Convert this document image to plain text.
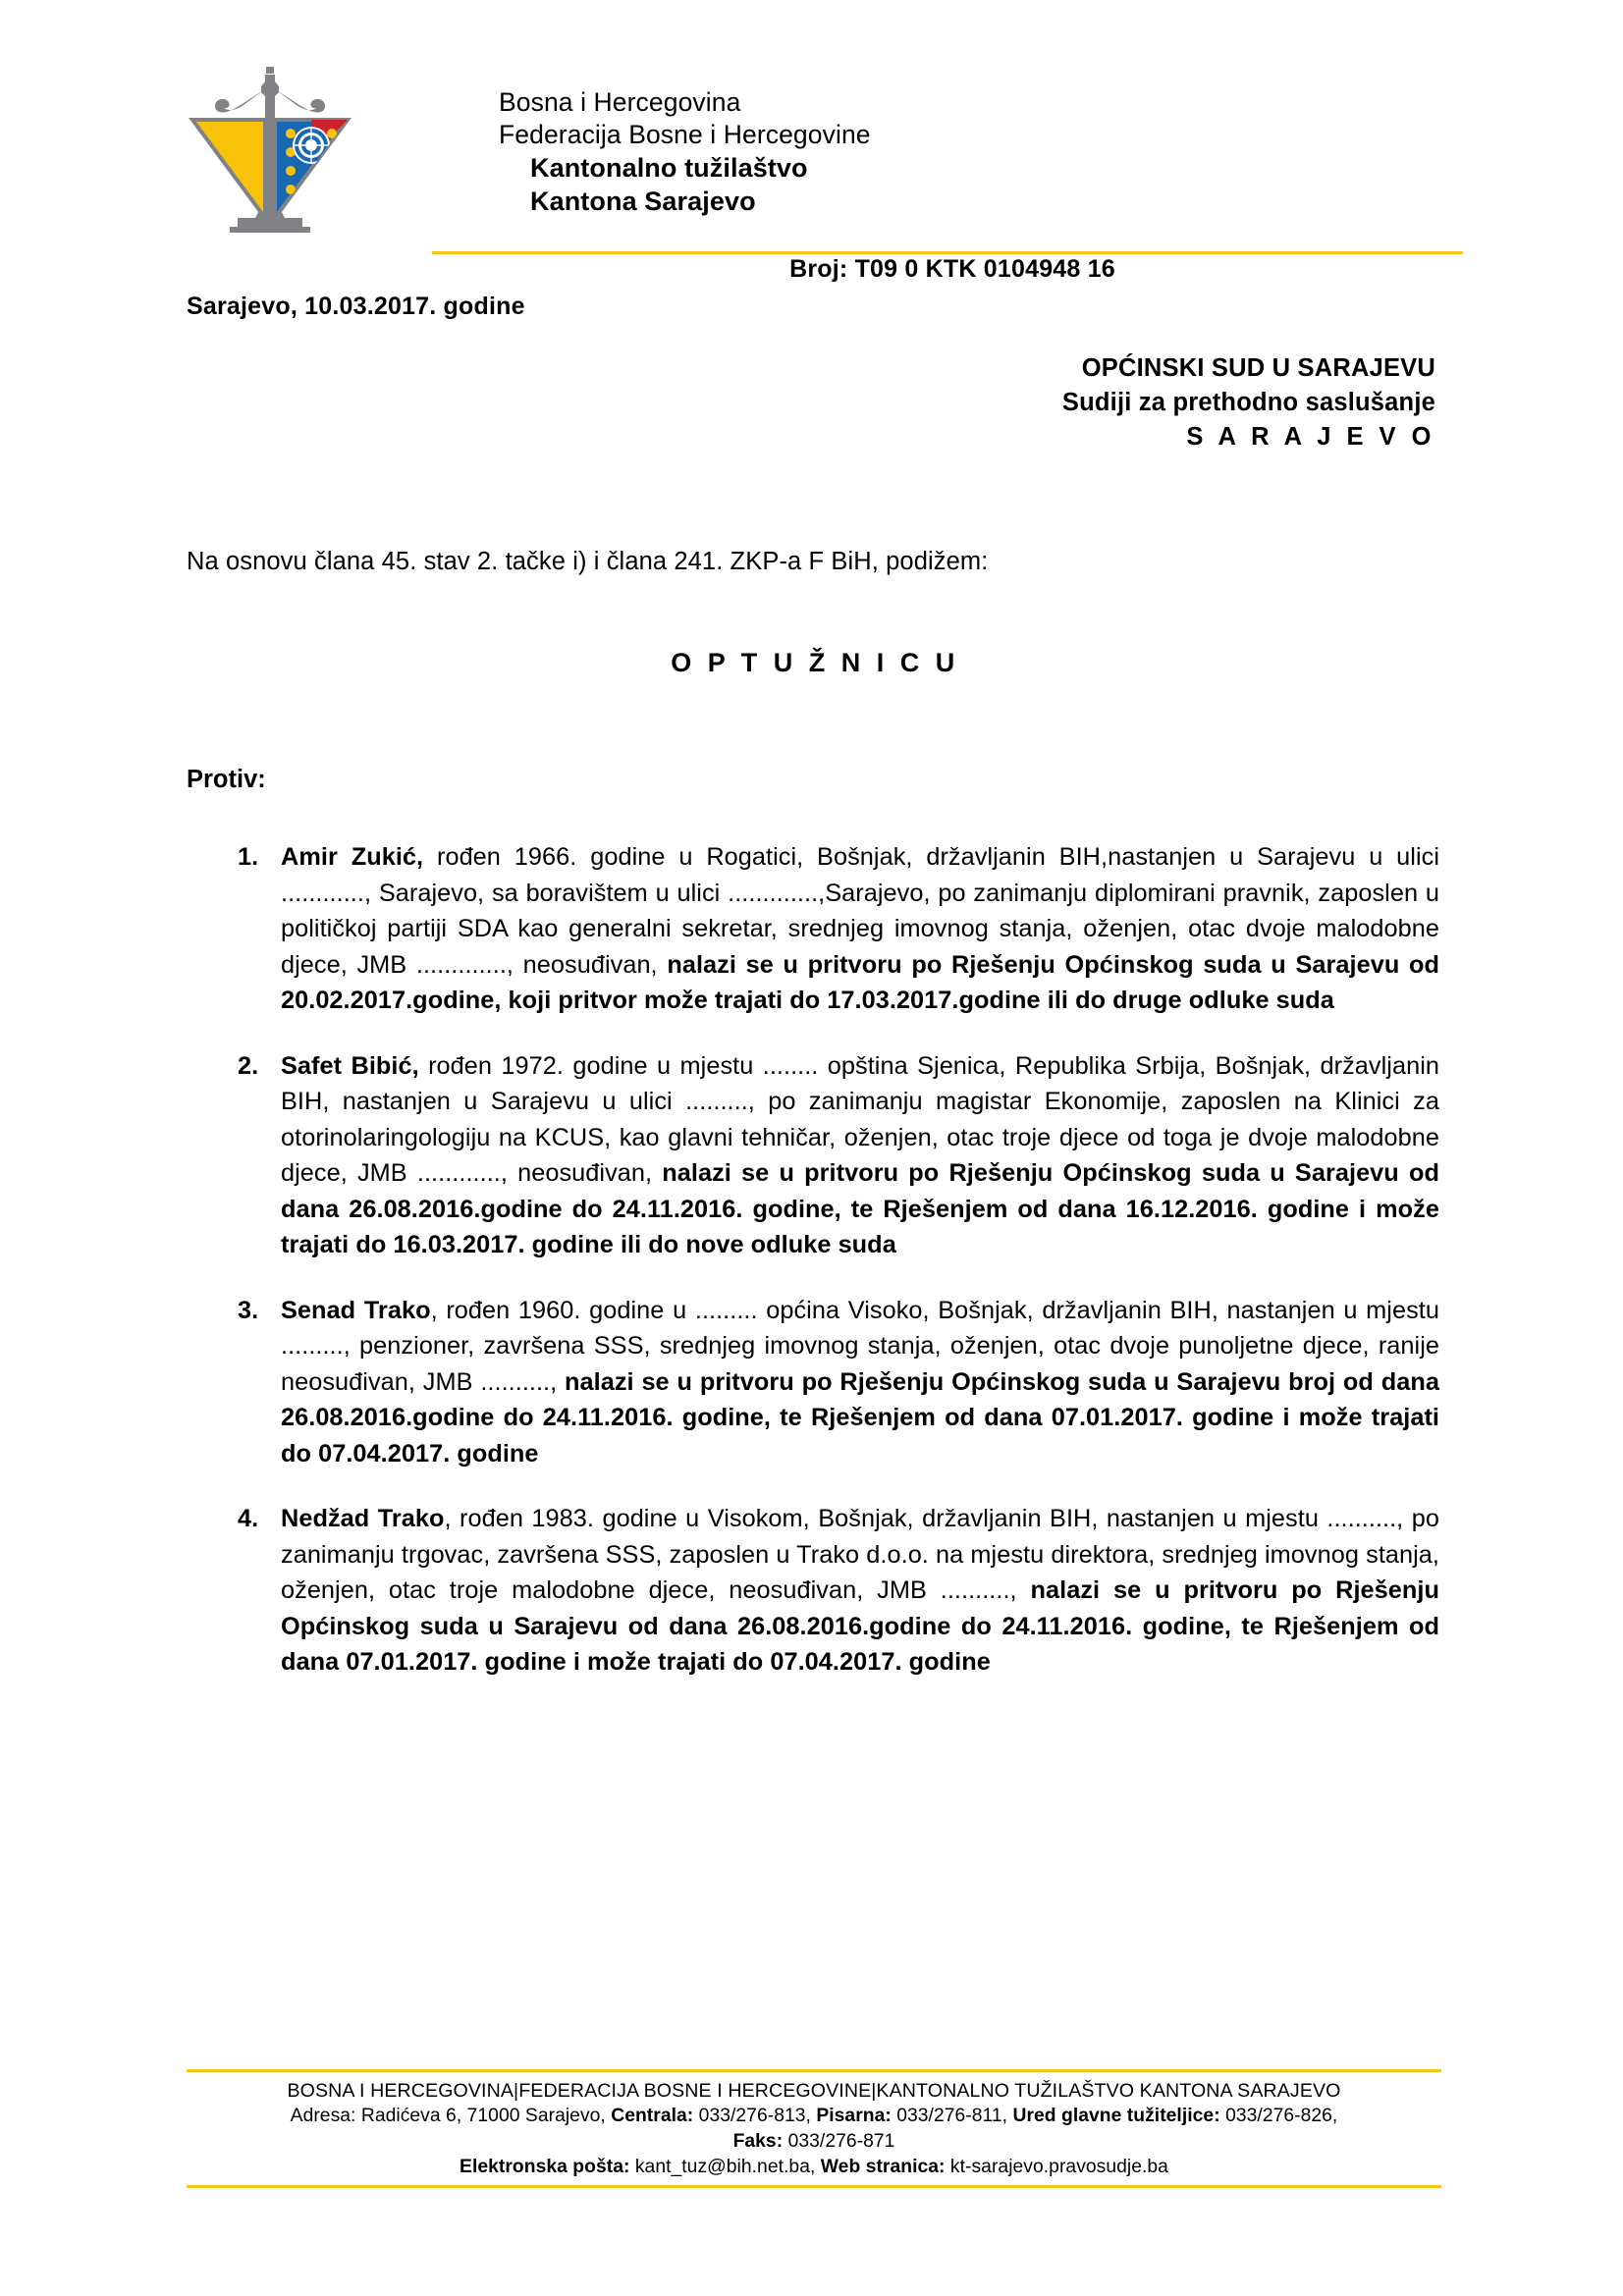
Bosna i Hercegovina
Federacija Bosne i Hercegovine
Kantonalno tužilaštvo
Kantona Sarajevo
Broj: T09 0 KTK 0104948 16
Sarajevo, 10.03.2017. godine
OPĆINSKI SUD U SARAJEVU
Sudiji za prethodno saslušanje
S A R A J E V O
Na osnovu člana 45. stav 2. tačke i) i člana 241. ZKP-a F BiH, podižem:
O P T U Ž N I C U
Protiv:
1. Amir Zukić, rođen 1966. godine u Rogatici, Bošnjak, državljanin BIH,nastanjen u Sarajevu u ulici ............, Sarajevo, sa boravištem u ulici .............,Sarajevo, po zanimanju diplomirani pravnik, zaposlen u političkoj partiji SDA kao generalni sekretar, srednjeg imovnog stanja, oženjen, otac dvoje malodobne djece, JMB ............., neosuđivan, nalazi se u pritvoru po Rješenju Općinskog suda u Sarajevu od 20.02.2017.godine, koji pritvor može trajati do 17.03.2017.godine ili do druge odluke suda
2. Safet Bibić, rođen 1972. godine u mjestu ........ opština Sjenica, Republika Srbija, Bošnjak, državljanin BIH, nastanjen u Sarajevu u ulici ........., po zanimanju magistar Ekonomije, zaposlen na Klinici za otorinolaringologiju na KCUS, kao glavni tehničar, oženjen, otac troje djece od toga je dvoje malodobne djece, JMB ............, neosuđivan, nalazi se u pritvoru po Rješenju Općinskog suda u Sarajevu od dana 26.08.2016.godine do 24.11.2016. godine, te Rješenjem od dana 16.12.2016. godine i može trajati do 16.03.2017. godine ili do nove odluke suda
3. Senad Trako, rođen 1960. godine u ......... općina Visoko, Bošnjak, državljanin BIH, nastanjen u mjestu ........., penzioner, završena SSS, srednjeg imovnog stanja, oženjen, otac dvoje punoljetne djece, ranije neosuđivan, JMB .........., nalazi se u pritvoru po Rješenju Općinskog suda u Sarajevu broj od dana 26.08.2016.godine do 24.11.2016. godine, te Rješenjem od dana 07.01.2017. godine i može trajati do 07.04.2017. godine
4. Nedžad Trako, rođen 1983. godine u Visokom, Bošnjak, državljanin BIH, nastanjen u mjestu .........., po zanimanju trgovac, završena SSS, zaposlen u Trako d.o.o. na mjestu direktora, srednjeg imovnog stanja, oženjen, otac troje malodobne djece, neosuđivan, JMB .........., nalazi se u pritvoru po Rješenju Općinskog suda u Sarajevu od dana 26.08.2016.godine do 24.11.2016. godine, te Rješenjem od dana 07.01.2017. godine i može trajati do 07.04.2017. godine
BOSNA I HERCEGOVINA|FEDERACIJA BOSNE I HERCEGOVINE|KANTONALNO TUŽILAŠTVO KANTONA SARAJEVO
Adresa: Radićeva 6, 71000 Sarajevo, Centrala: 033/276-813, Pisarna: 033/276-811, Ured glavne tužiteljice: 033/276-826,
Faks: 033/276-871
Elektronska pošta: kant_tuz@bih.net.ba, Web stranica: kt-sarajevo.pravosudje.ba
